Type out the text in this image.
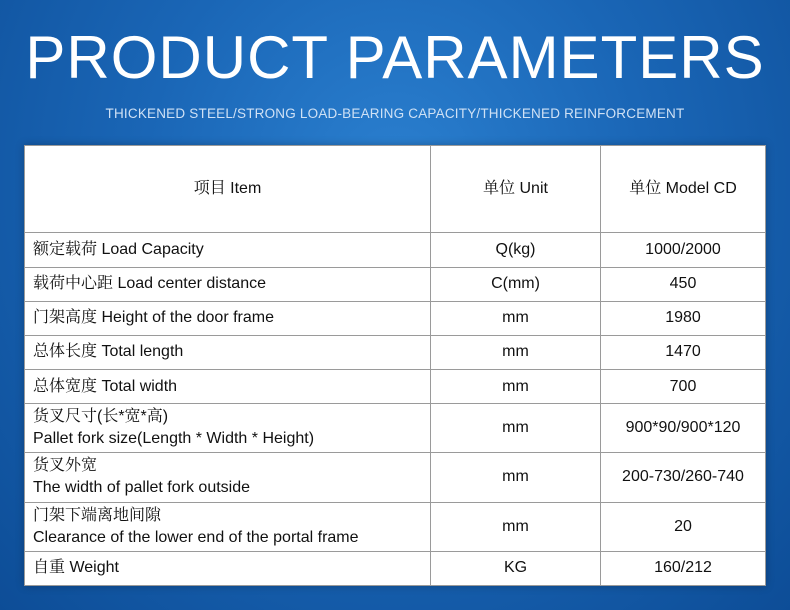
PRODUCT PARAMETERS
THICKENED STEEL/STRONG LOAD-BEARING CAPACITY/THICKENED REINFORCEMENT
项目 Item	单位 Unit	单位 Model CD
额定载荷 Load Capacity	Q(kg)	1000/2000
载荷中心距 Load center distance	C(mm)	450
门架高度 Height of the door frame	mm	1980
总体长度 Total length	mm	1470
总体宽度 Total width	mm	700

货叉尺寸(长*宽*高)
Pallet fork size(Length * Width * Height)	mm	900*90/900*120

货叉外宽
The width of pallet fork outside	mm	200-730/260-740

门架下端离地间隙
Clearance of the lower end of the portal frame	mm	20
自重 Weight	KG	160/212
